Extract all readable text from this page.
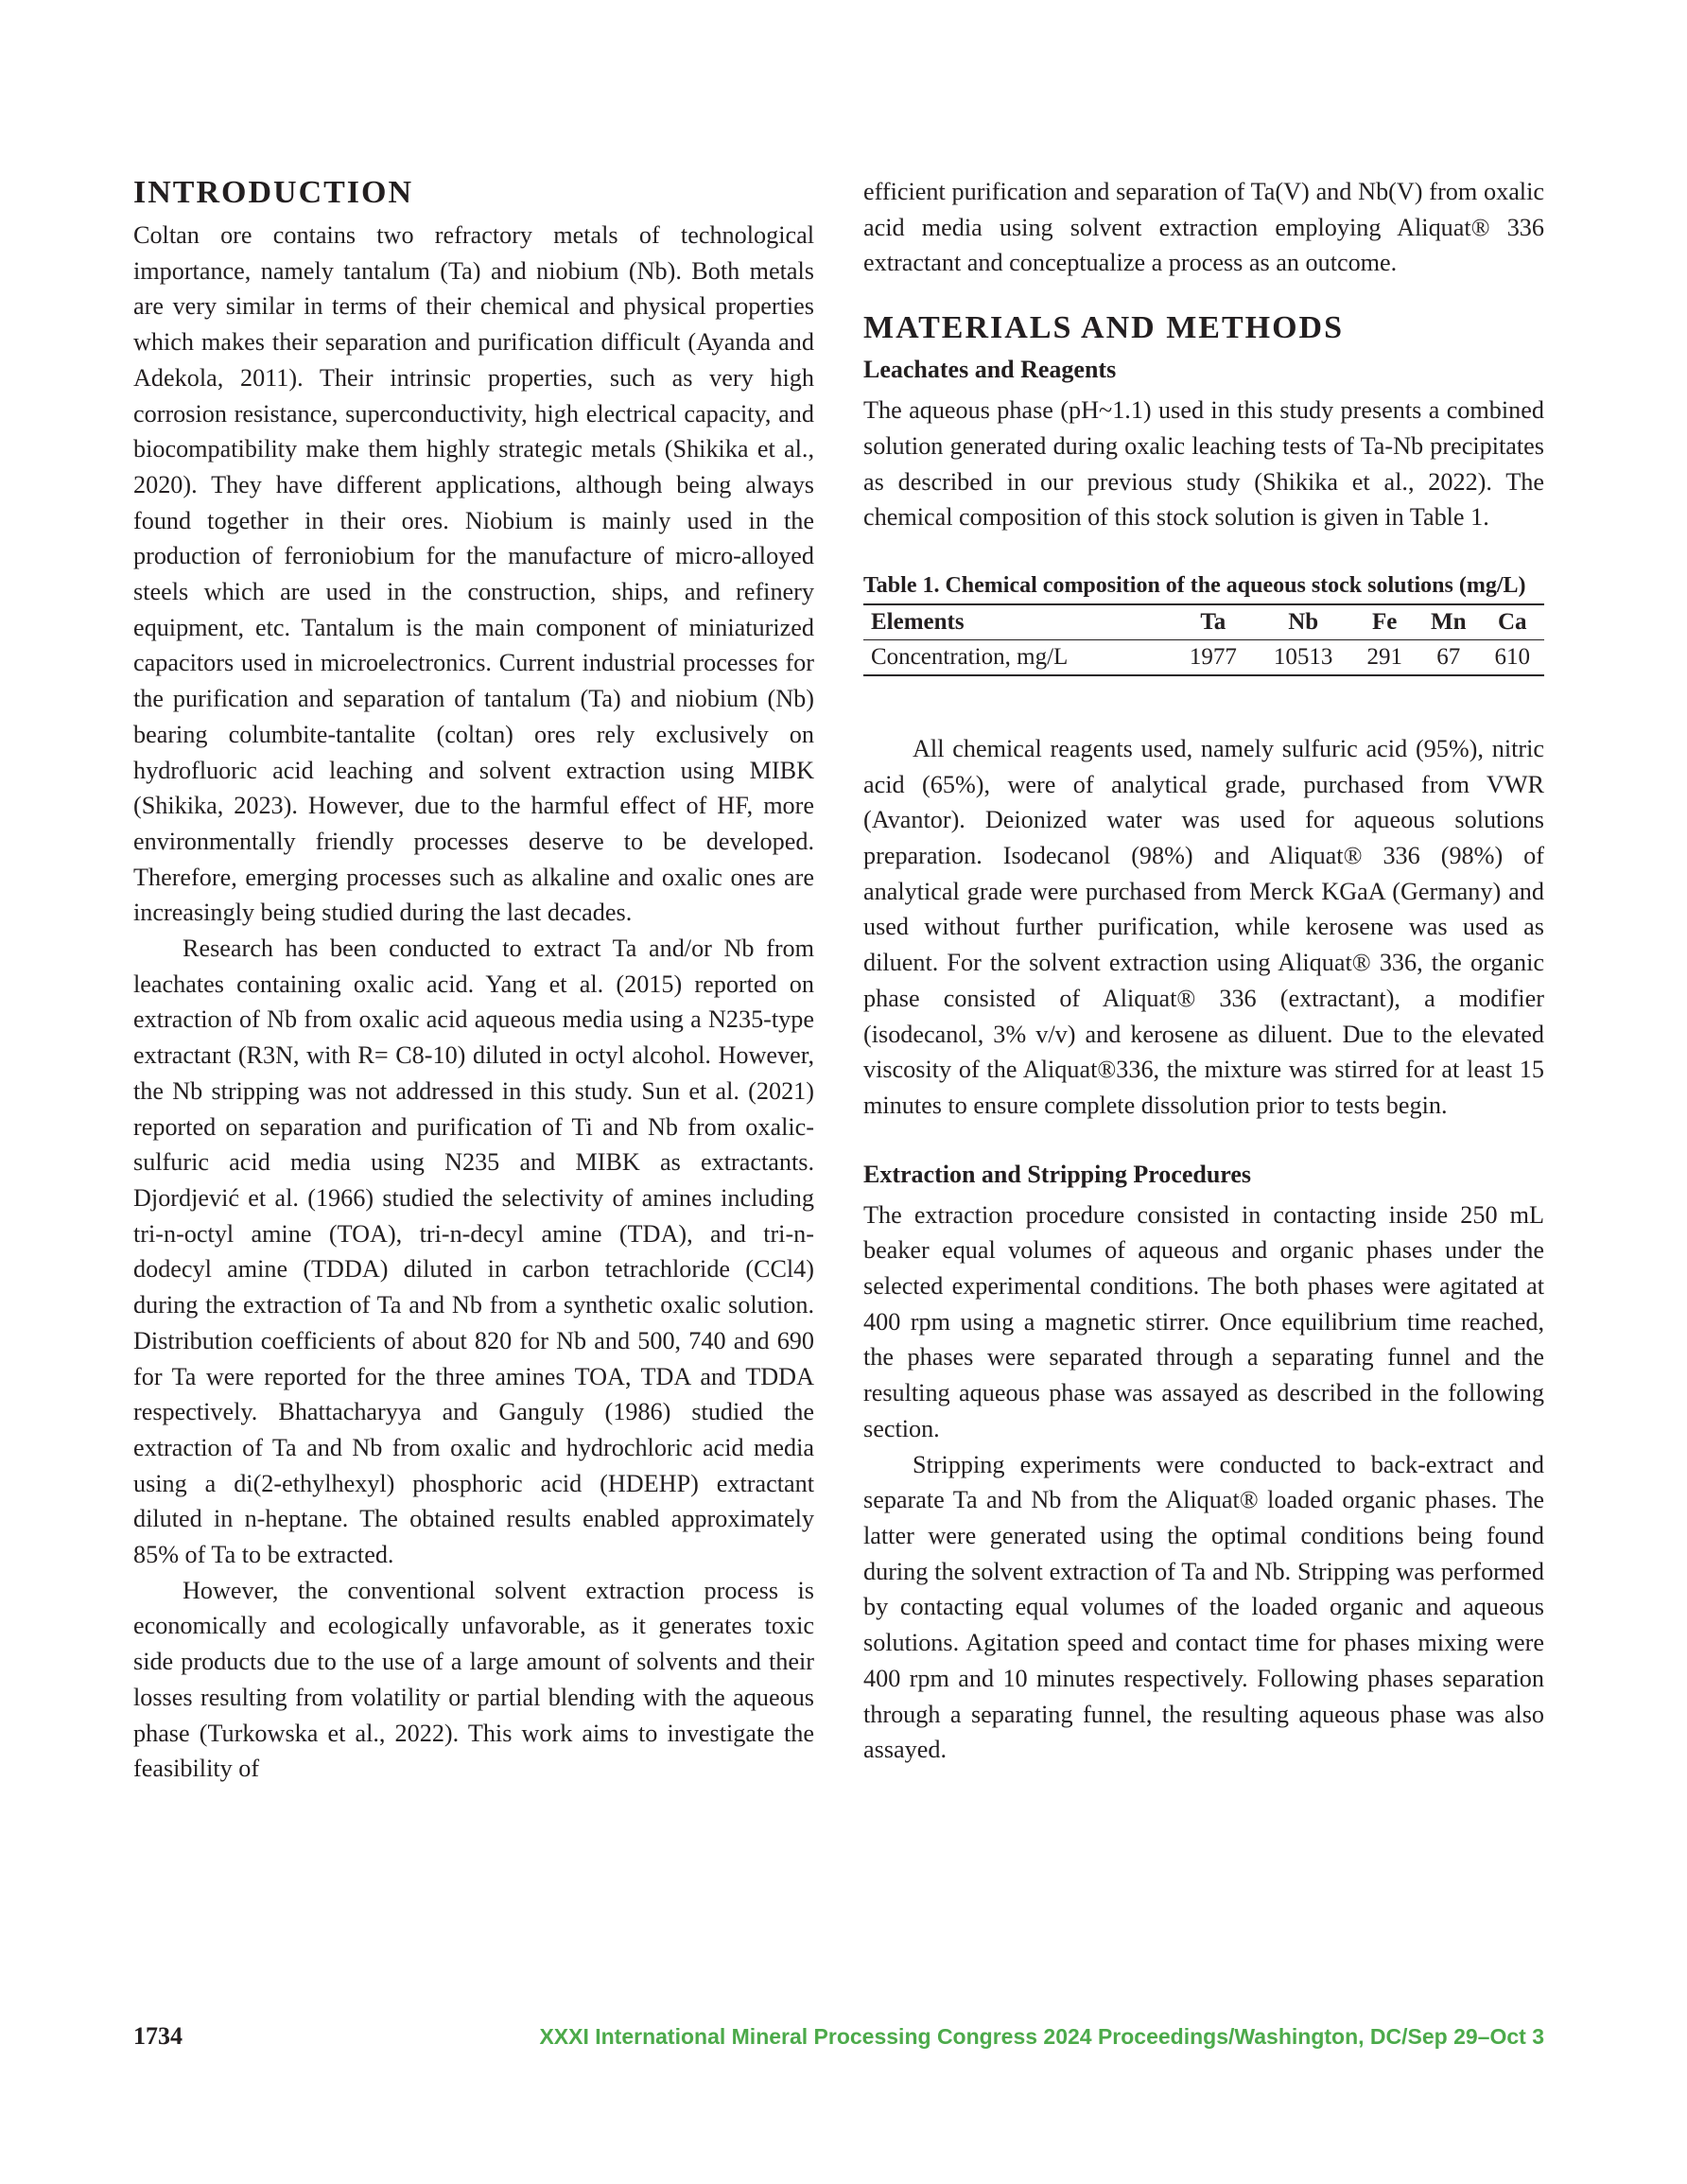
INTRODUCTION

Coltan ore contains two refractory metals of technological importance, namely tantalum (Ta) and niobium (Nb). Both metals are very similar in terms of their chemical and physical properties which makes their separation and purification difficult (Ayanda and Adekola, 2011). Their intrinsic properties, such as very high corrosion resistance, superconductivity, high electrical capacity, and biocompatibility make them highly strategic metals (Shikika et al., 2020). They have different applications, although being always found together in their ores. Niobium is mainly used in the production of ferroniobium for the manufacture of micro-alloyed steels which are used in the construction, ships, and refinery equipment, etc. Tantalum is the main component of miniaturized capacitors used in microelectronics. Current industrial processes for the purification and separation of tantalum (Ta) and niobium (Nb) bearing columbite-tantalite (coltan) ores rely exclusively on hydrofluoric acid leaching and solvent extraction using MIBK (Shikika, 2023). However, due to the harmful effect of HF, more environmentally friendly processes deserve to be developed. Therefore, emerging processes such as alkaline and oxalic ones are increasingly being studied during the last decades.

Research has been conducted to extract Ta and/or Nb from leachates containing oxalic acid. Yang et al. (2015) reported on extraction of Nb from oxalic acid aqueous media using a N235-type extractant (R3N, with R= C8-10) diluted in octyl alcohol. However, the Nb stripping was not addressed in this study. Sun et al. (2021) reported on separation and purification of Ti and Nb from oxalic-sulfuric acid media using N235 and MIBK as extractants. Djordjević et al. (1966) studied the selectivity of amines including tri-n-octyl amine (TOA), tri-n-decyl amine (TDA), and tri-n-dodecyl amine (TDDA) diluted in carbon tetrachloride (CCl4) during the extraction of Ta and Nb from a synthetic oxalic solution. Distribution coefficients of about 820 for Nb and 500, 740 and 690 for Ta were reported for the three amines TOA, TDA and TDDA respectively. Bhattacharyya and Ganguly (1986) studied the extraction of Ta and Nb from oxalic and hydrochloric acid media using a di(2-ethylhexyl) phosphoric acid (HDEHP) extractant diluted in n-heptane. The obtained results enabled approximately 85% of Ta to be extracted.

However, the conventional solvent extraction process is economically and ecologically unfavorable, as it generates toxic side products due to the use of a large amount of solvents and their losses resulting from volatility or partial blending with the aqueous phase (Turkowska et al., 2022). This work aims to investigate the feasibility of

efficient purification and separation of Ta(V) and Nb(V) from oxalic acid media using solvent extraction employing Aliquat® 336 extractant and conceptualize a process as an outcome.

MATERIALS AND METHODS
Leachates and Reagents

The aqueous phase (pH~1.1) used in this study presents a combined solution generated during oxalic leaching tests of Ta-Nb precipitates as described in our previous study (Shikika et al., 2022). The chemical composition of this stock solution is given in Table 1.

Table 1. Chemical composition of the aqueous stock solutions (mg/L)
Elements	Ta	Nb	Fe	Mn	Ca
Concentration, mg/L	1977	10513	291	67	610

All chemical reagents used, namely sulfuric acid (95%), nitric acid (65%), were of analytical grade, purchased from VWR (Avantor). Deionized water was used for aqueous solutions preparation. Isodecanol (98%) and Aliquat® 336 (98%) of analytical grade were purchased from Merck KGaA (Germany) and used without further purification, while kerosene was used as diluent. For the solvent extraction using Aliquat® 336, the organic phase consisted of Aliquat® 336 (extractant), a modifier (isodecanol, 3% v/v) and kerosene as diluent. Due to the elevated viscosity of the Aliquat®336, the mixture was stirred for at least 15 minutes to ensure complete dissolution prior to tests begin.

Extraction and Stripping Procedures

The extraction procedure consisted in contacting inside 250 mL beaker equal volumes of aqueous and organic phases under the selected experimental conditions. The both phases were agitated at 400 rpm using a magnetic stirrer. Once equilibrium time reached, the phases were separated through a separating funnel and the resulting aqueous phase was assayed as described in the following section.

Stripping experiments were conducted to back-extract and separate Ta and Nb from the Aliquat® loaded organic phases. The latter were generated using the optimal conditions being found during the solvent extraction of Ta and Nb. Stripping was performed by contacting equal volumes of the loaded organic and aqueous solutions. Agitation speed and contact time for phases mixing were 400 rpm and 10 minutes respectively. Following phases separation through a separating funnel, the resulting aqueous phase was also assayed.

1734	XXXI International Mineral Processing Congress 2024 Proceedings/Washington, DC/Sep 29–Oct 3
